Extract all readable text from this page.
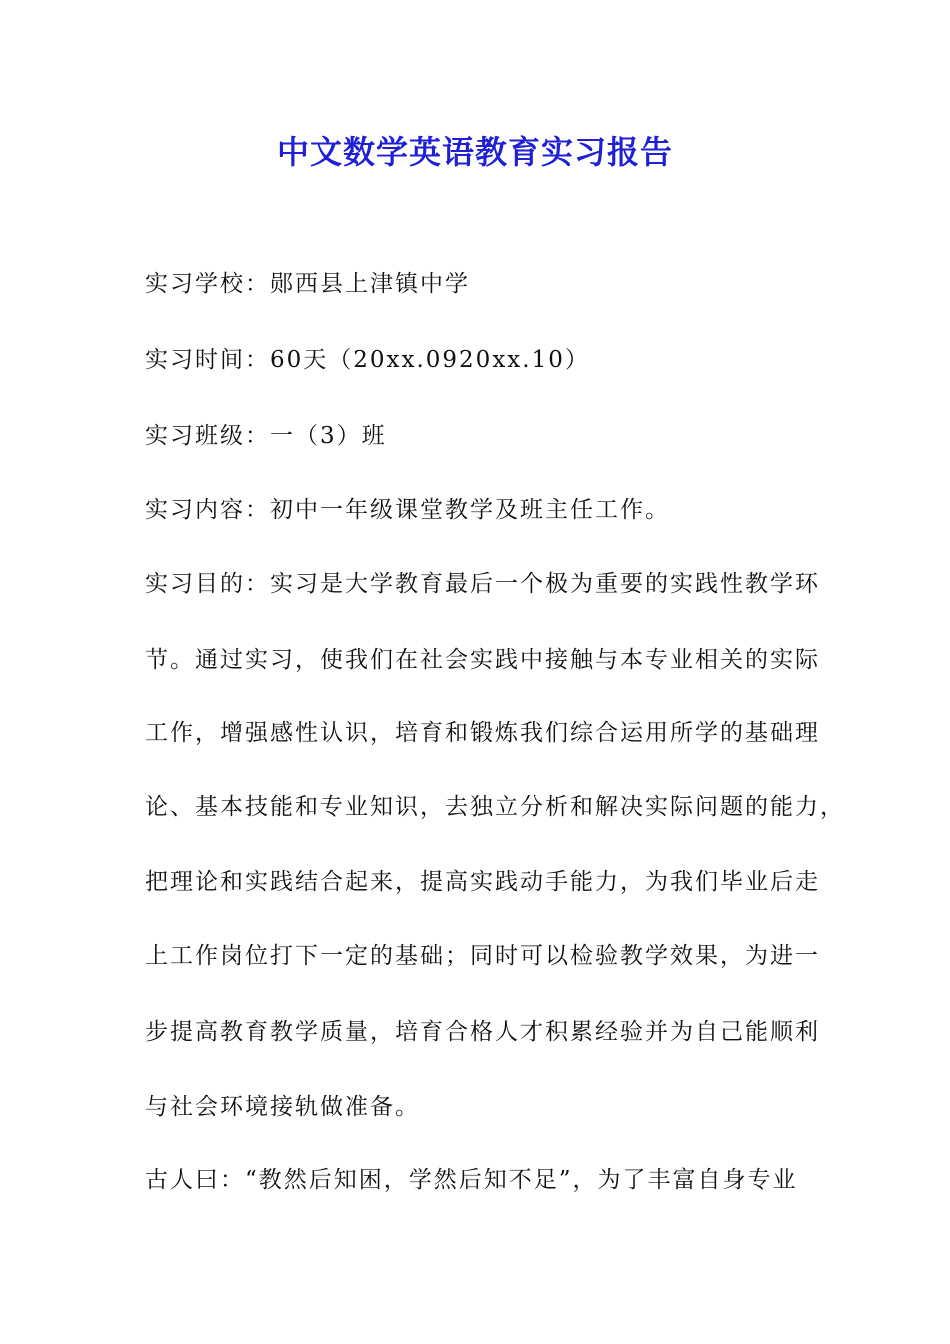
中文数学英语教育实习报告

实习学校：郧西县上津镇中学

实习时间：60天（20xx.0920xx.10）

实习班级：一（3）班

实习内容：初中一年级课堂教学及班主任工作。

实习目的：实习是大学教育最后一个极为重要的实践性教学环

节。通过实习，使我们在社会实践中接触与本专业相关的实际

工作，增强感性认识，培育和锻炼我们综合运用所学的基础理

论、基本技能和专业知识，去独立分析和解决实际问题的能力，

把理论和实践结合起来，提高实践动手能力，为我们毕业后走

上工作岗位打下一定的基础；同时可以检验教学效果，为进一

步提高教育教学质量，培育合格人才积累经验并为自己能顺利

与社会环境接轨做准备。

古人曰：“教然后知困，学然后知不足”，为了丰富自身专业
